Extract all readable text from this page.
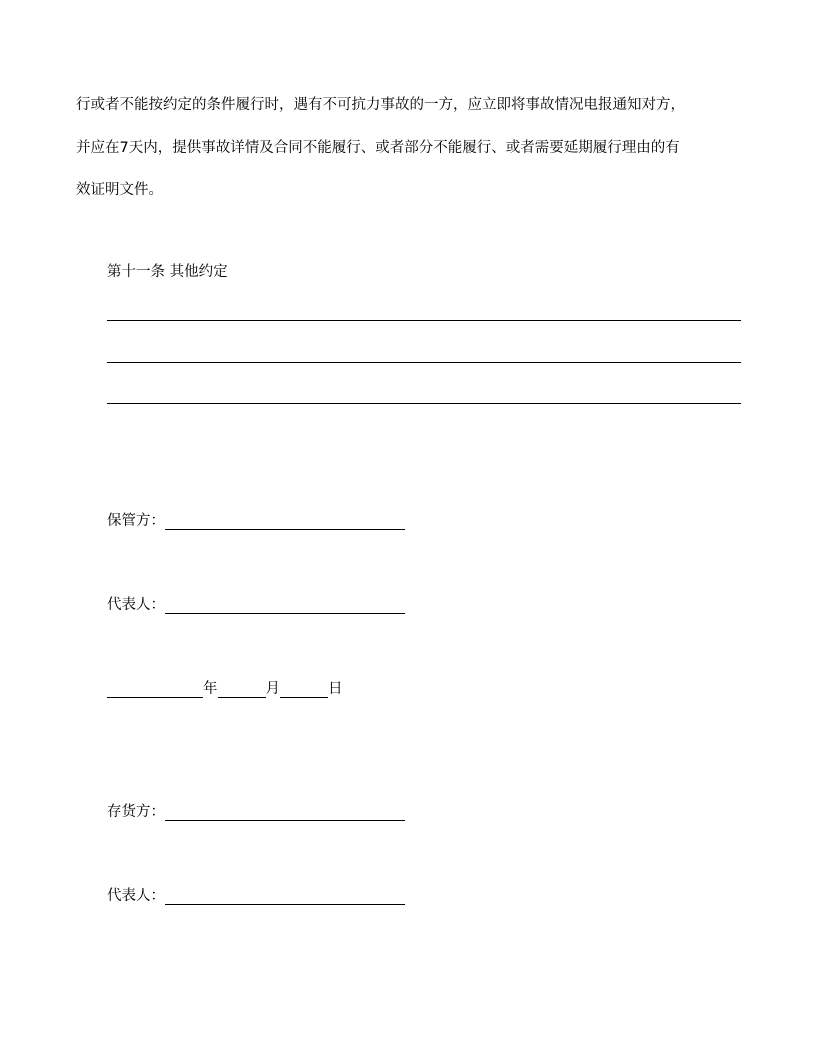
行或者不能按约定的条件履行时，遇有不可抗力事故的一方，应立即将事故情况电报通知对方，
并应在7天内，提供事故详情及合同不能履行、或者部分不能履行、或者需要延期履行理由的有
效证明文件。
第十一条 其他约定
保管方：
代表人：
年	月	日
存货方：
代表人：
